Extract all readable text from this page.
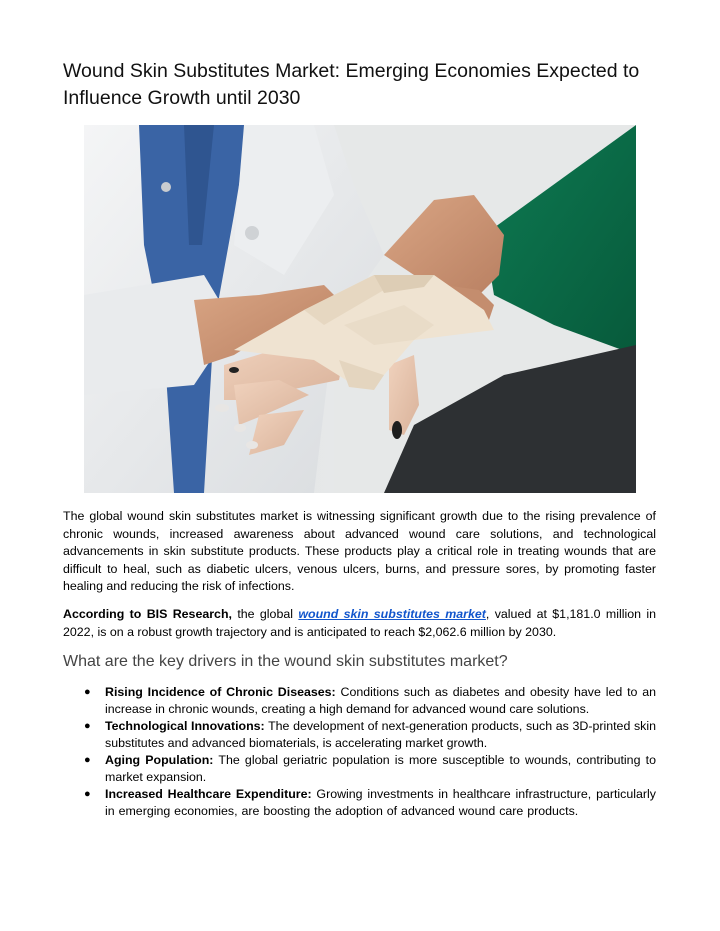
Wound Skin Substitutes Market: Emerging Economies Expected to Influence Growth until 2030

The global wound skin substitutes market is witnessing significant growth due to the rising prevalence of chronic wounds, increased awareness about advanced wound care solutions, and technological advancements in skin substitute products. These products play a critical role in treating wounds that are difficult to heal, such as diabetic ulcers, venous ulcers, burns, and pressure sores, by promoting faster healing and reducing the risk of infections.

According to BIS Research, the global wound skin substitutes market, valued at $1,181.0 million in 2022, is on a robust growth trajectory and is anticipated to reach $2,062.6 million by 2030.

What are the key drivers in the wound skin substitutes market?
● Rising Incidence of Chronic Diseases: Conditions such as diabetes and obesity have led to an increase in chronic wounds, creating a high demand for advanced wound care solutions.
● Technological Innovations: The development of next-generation products, such as 3D-printed skin substitutes and advanced biomaterials, is accelerating market growth.
● Aging Population: The global geriatric population is more susceptible to wounds, contributing to market expansion.
● Increased Healthcare Expenditure: Growing investments in healthcare infrastructure, particularly in emerging economies, are boosting the adoption of advanced wound care products.
